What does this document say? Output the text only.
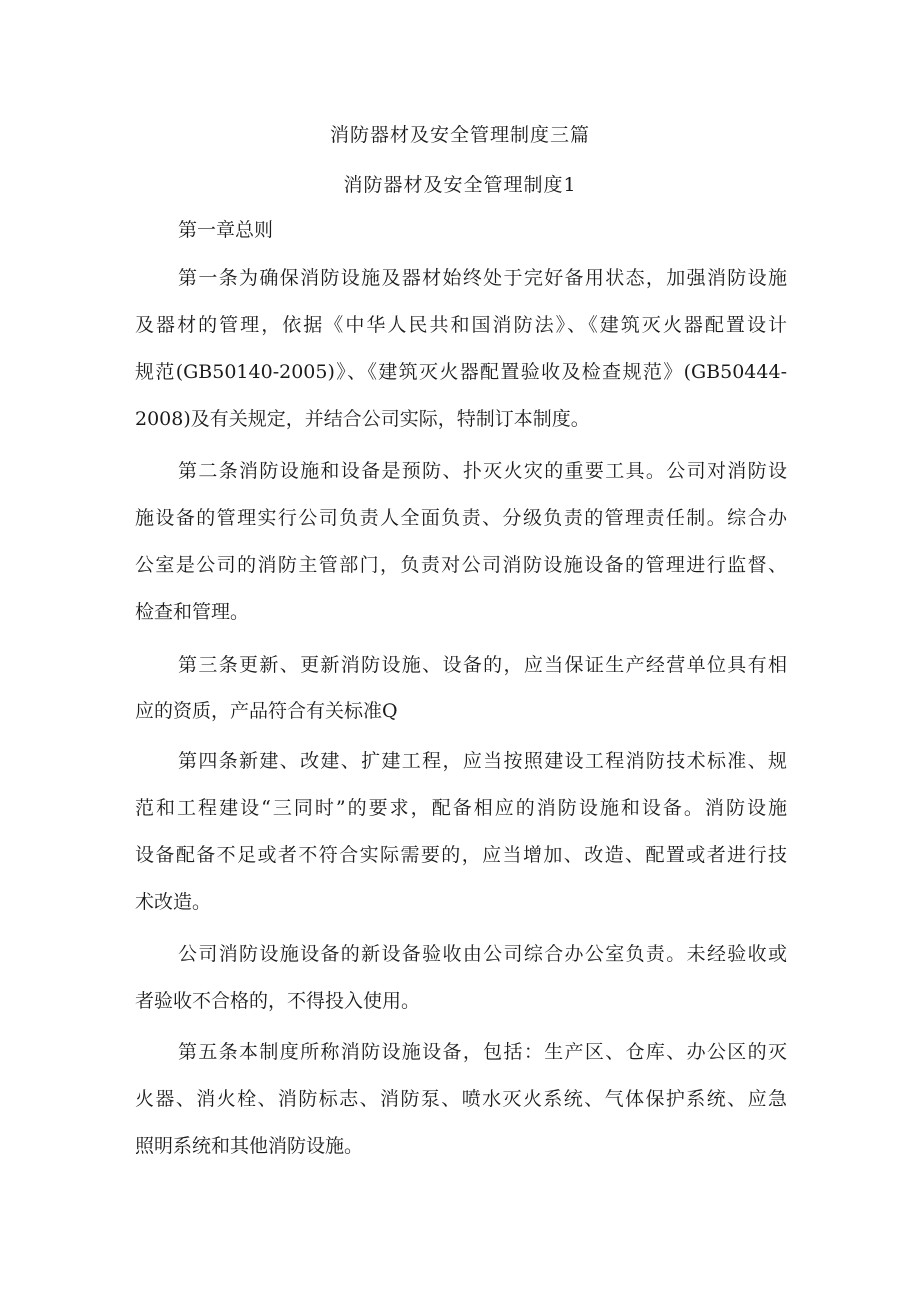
消防器材及安全管理制度三篇
消防器材及安全管理制度1
第一章总则
第一条为确保消防设施及器材始终处于完好备用状态，加强消防设施
及器材的管理，依据《中华人民共和国消防法》、《建筑灭火器配置设计
规范(GB50140-2005)》、《建筑灭火器配置验收及检查规范》(GB50444-
2008)及有关规定，并结合公司实际，特制订本制度。
第二条消防设施和设备是预防、扑灭火灾的重要工具。公司对消防设
施设备的管理实行公司负责人全面负责、分级负责的管理责任制。综合办
公室是公司的消防主管部门，负责对公司消防设施设备的管理进行监督、
检查和管理。
第三条更新、更新消防设施、设备的，应当保证生产经营单位具有相
应的资质，产品符合有关标准Q
第四条新建、改建、扩建工程，应当按照建设工程消防技术标准、规
范和工程建设“三同时”的要求，配备相应的消防设施和设备。消防设施
设备配备不足或者不符合实际需要的，应当增加、改造、配置或者进行技
术改造。
公司消防设施设备的新设备验收由公司综合办公室负责。未经验收或
者验收不合格的，不得投入使用。
第五条本制度所称消防设施设备，包括：生产区、仓库、办公区的灭
火器、消火栓、消防标志、消防泵、喷水灭火系统、气体保护系统、应急
照明系统和其他消防设施。
